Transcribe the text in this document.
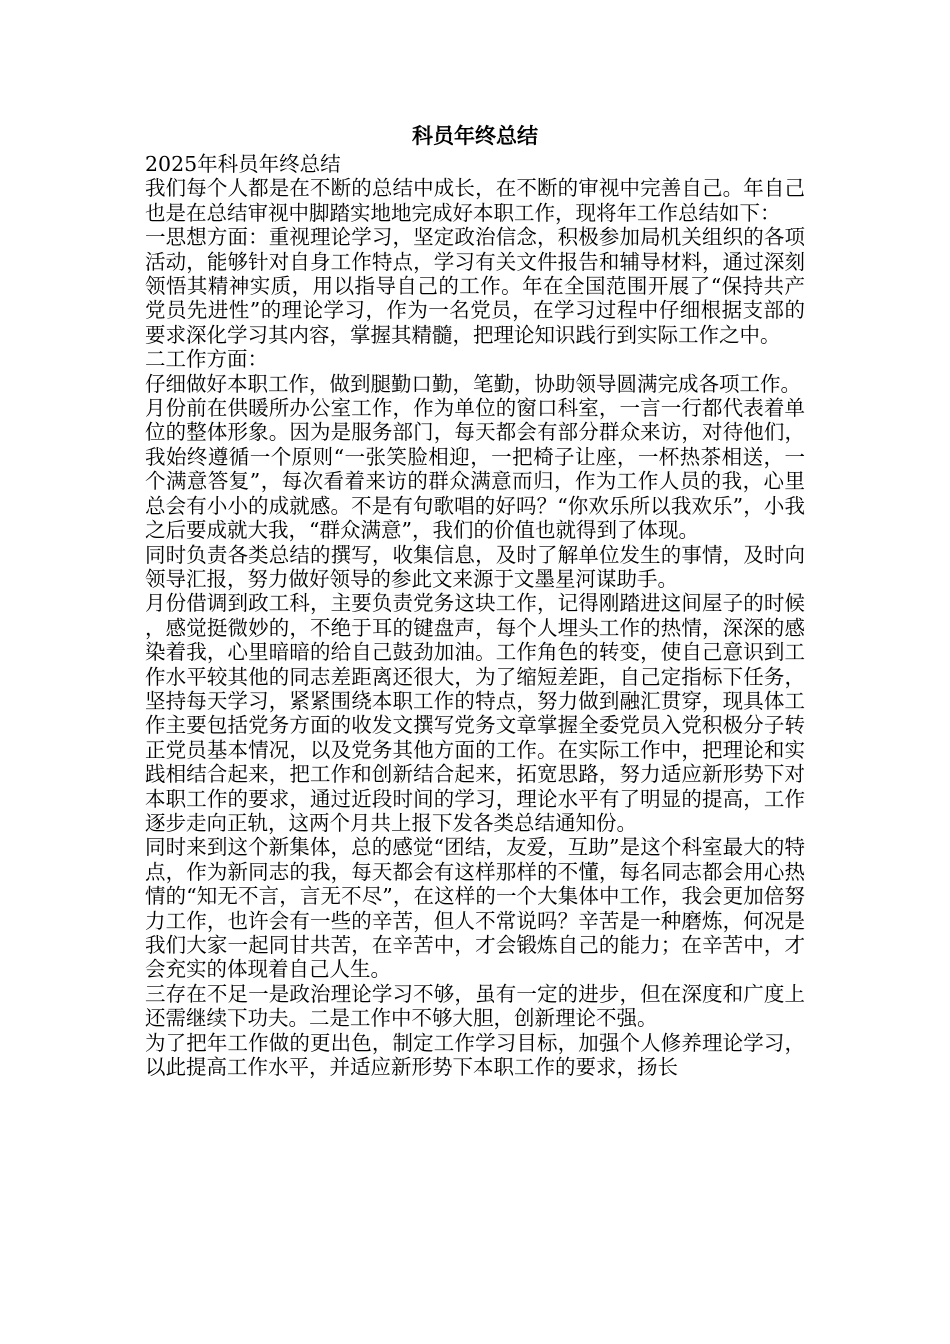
科员年终总结

2025年科员年终总结

我们每个人都是在不断的总结中成长，在不断的审视中完善自己。年自己也是在总结审视中脚踏实地地完成好本职工作，现将年工作总结如下：

一思想方面：重视理论学习，坚定政治信念，积极参加局机关组织的各项活动，能够针对自身工作特点，学习有关文件报告和辅导材料，通过深刻领悟其精神实质，用以指导自己的工作。年在全国范围开展了“保持共产党员先进性”的理论学习，作为一名党员，在学习过程中仔细根据支部的要求深化学习其内容，掌握其精髓，把理论知识践行到实际工作之中。

二工作方面：

仔细做好本职工作，做到腿勤口勤，笔勤，协助领导圆满完成各项工作。

月份前在供暖所办公室工作，作为单位的窗口科室，一言一行都代表着单位的整体形象。因为是服务部门，每天都会有部分群众来访，对待他们，我始终遵循一个原则“一张笑脸相迎，一把椅子让座，一杯热茶相送，一个满意答复”，每次看着来访的群众满意而归，作为工作人员的我，心里总会有小小的成就感。不是有句歌唱的好吗？“你欢乐所以我欢乐”，小我之后要成就大我，“群众满意”，我们的价值也就得到了体现。

同时负责各类总结的撰写，收集信息，及时了解单位发生的事情，及时向领导汇报，努力做好领导的参此文来源于文墨星河谋助手。

月份借调到政工科，主要负责党务这块工作，记得刚踏进这间屋子的时候，感觉挺微妙的，不绝于耳的键盘声，每个人埋头工作的热情，深深的感染着我，心里暗暗的给自己鼓劲加油。工作角色的转变，使自己意识到工作水平较其他的同志差距离还很大，为了缩短差距，自己定指标下任务，坚持每天学习，紧紧围绕本职工作的特点，努力做到融汇贯穿，现具体工作主要包括党务方面的收发文撰写党务文章掌握全委党员入党积极分子转正党员基本情况，以及党务其他方面的工作。在实际工作中，把理论和实践相结合起来，把工作和创新结合起来，拓宽思路，努力适应新形势下对本职工作的要求，通过近段时间的学习，理论水平有了明显的提高，工作逐步走向正轨，这两个月共上报下发各类总结通知份。

同时来到这个新集体，总的感觉“团结，友爱，互助”是这个科室最大的特点，作为新同志的我，每天都会有这样那样的不懂，每名同志都会用心热情的“知无不言，言无不尽”，在这样的一个大集体中工作，我会更加倍努力工作，也许会有一些的辛苦，但人不常说吗？辛苦是一种磨炼，何况是我们大家一起同甘共苦，在辛苦中，才会锻炼自己的能力；在辛苦中，才会充实的体现着自己人生。

三存在不足一是政治理论学习不够，虽有一定的进步，但在深度和广度上还需继续下功夫。二是工作中不够大胆，创新理论不强。

为了把年工作做的更出色，制定工作学习目标，加强个人修养理论学习，以此提高工作水平，并适应新形势下本职工作的要求，扬长
